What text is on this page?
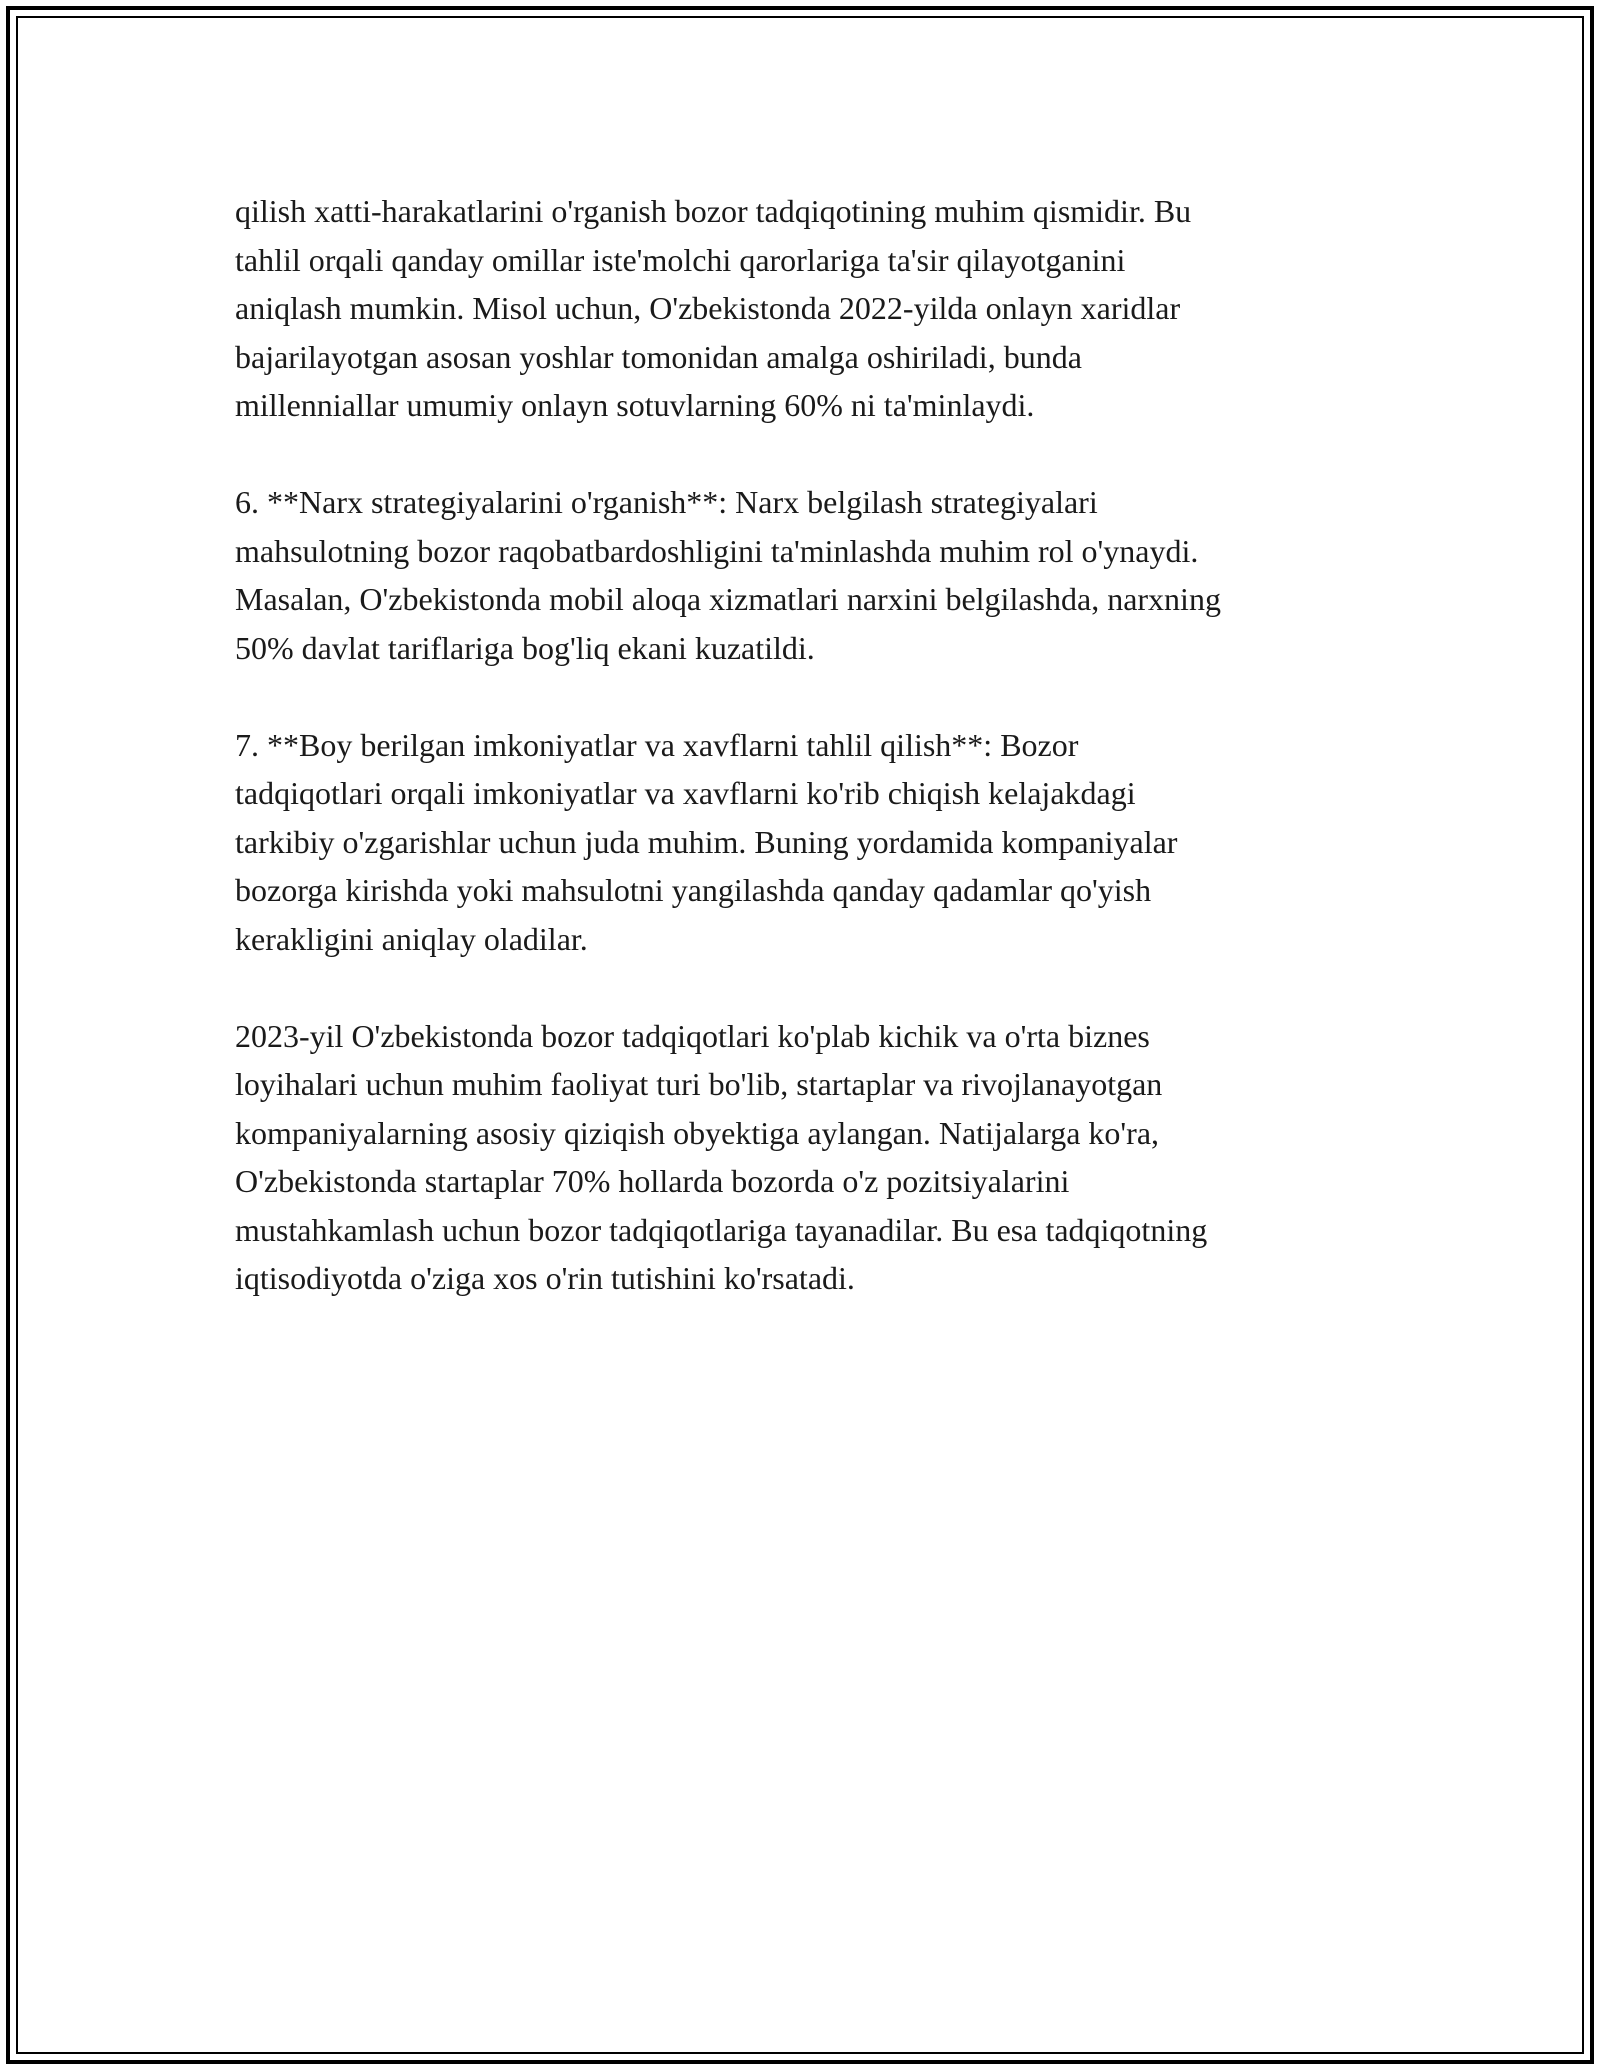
qilish xatti-harakatlarini o'rganish bozor tadqiqotining muhim qismidir. Bu
tahlil orqali qanday omillar iste'molchi qarorlariga ta'sir qilayotganini
aniqlash mumkin. Misol uchun, O'zbekistonda 2022-yilda onlayn xaridlar
bajarilayotgan asosan yoshlar tomonidan amalga oshiriladi, bunda
millenniallar umumiy onlayn sotuvlarning 60% ni ta'minlaydi.

6. **Narx strategiyalarini o'rganish**: Narx belgilash strategiyalari
mahsulotning bozor raqobatbardoshligini ta'minlashda muhim rol o'ynaydi.
Masalan, O'zbekistonda mobil aloqa xizmatlari narxini belgilashda, narxning
50% davlat tariflariga bog'liq ekani kuzatildi.

7. **Boy berilgan imkoniyatlar va xavflarni tahlil qilish**: Bozor
tadqiqotlari orqali imkoniyatlar va xavflarni ko'rib chiqish kelajakdagi
tarkibiy o'zgarishlar uchun juda muhim. Buning yordamida kompaniyalar
bozorga kirishda yoki mahsulotni yangilashda qanday qadamlar qo'yish
kerakligini aniqlay oladilar.

2023-yil O'zbekistonda bozor tadqiqotlari ko'plab kichik va o'rta biznes
loyihalari uchun muhim faoliyat turi bo'lib, startaplar va rivojlanayotgan
kompaniyalarning asosiy qiziqish obyektiga aylangan. Natijalarga ko'ra,
O'zbekistonda startaplar 70% hollarda bozorda o'z pozitsiyalarini
mustahkamlash uchun bozor tadqiqotlariga tayanadilar. Bu esa tadqiqotning
iqtisodiyotda o'ziga xos o'rin tutishini ko'rsatadi.
